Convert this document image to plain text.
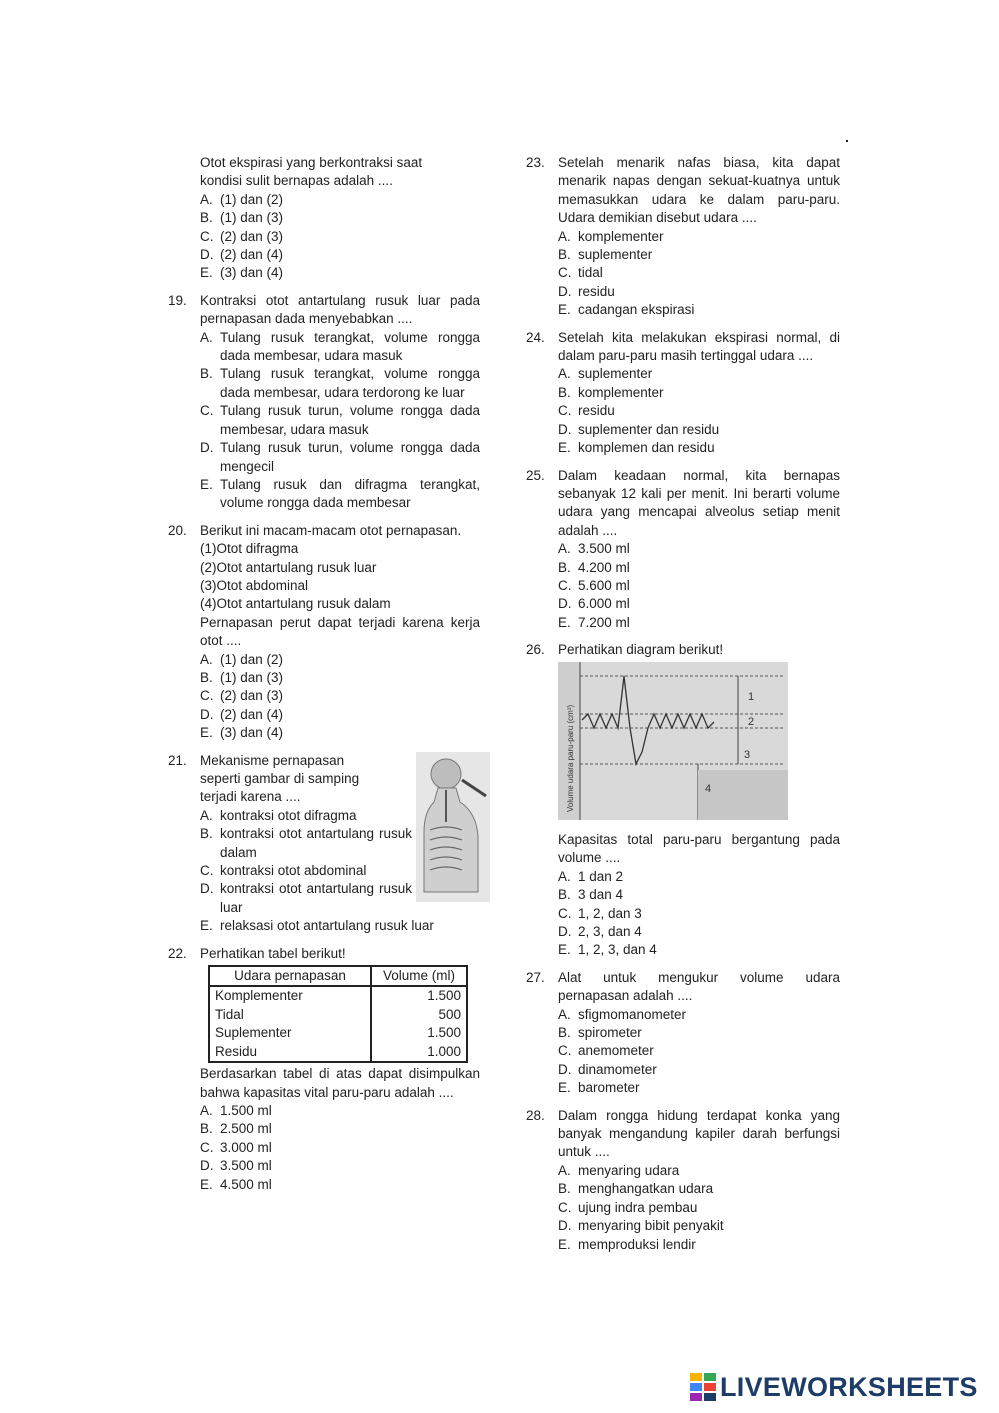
Otot ekspirasi yang berkontraksi saat
kondisi sulit bernapas adalah ....
A. (1) dan (2)
B. (1) dan (3)
C. (2) dan (3)
D. (2) dan (4)
E. (3) dan (4)
19. Kontraksi otot antartulang rusuk luar pada pernapasan dada menyebabkan ....
A. Tulang rusuk terangkat, volume rongga dada membesar, udara masuk
B. Tulang rusuk terangkat, volume rongga dada membesar, udara terdorong ke luar
C. Tulang rusuk turun, volume rongga dada membesar, udara masuk
D. Tulang rusuk turun, volume rongga dada mengecil
E. Tulang rusuk dan difragma terangkat, volume rongga dada membesar
20. Berikut ini macam-macam otot pernapasan.
(1)Otot difragma
(2)Otot antartulang rusuk luar
(3)Otot abdominal
(4)Otot antartulang rusuk dalam
Pernapasan perut dapat terjadi karena kerja otot ....
A. (1) dan (2)
B. (1) dan (3)
C. (2) dan (3)
D. (2) dan (4)
E. (3) dan (4)
21. Mekanisme pernapasan
seperti gambar di samping
terjadi karena ....
A. kontraksi otot difragma
B. kontraksi otot antartulang rusuk dalam
C. kontraksi otot abdominal
D. kontraksi otot antartulang rusuk luar
E. relaksasi otot antartulang rusuk luar
22. Perhatikan tabel berikut!
Udara pernapasan	Volume (ml)
Komplementer	1.500
Tidal	500
Suplementer	1.500
Residu	1.000
Berdasarkan tabel di atas dapat disimpulkan bahwa kapasitas vital paru-paru adalah ....
A. 1.500 ml
B. 2.500 ml
C. 3.000 ml
D. 3.500 ml
E. 4.500 ml
23. Setelah menarik nafas biasa, kita dapat menarik napas dengan sekuat-kuatnya untuk memasukkan udara ke dalam paru-paru. Udara demikian disebut udara ....
A. komplementer
B. suplementer
C. tidal
D. residu
E. cadangan ekspirasi
24. Setelah kita melakukan ekspirasi normal, di dalam paru-paru masih tertinggal udara ....
A. suplementer
B. komplementer
C. residu
D. suplementer dan residu
E. komplemen dan residu
25. Dalam keadaan normal, kita bernapas sebanyak 12 kali per menit. Ini berarti volume udara yang mencapai alveolus setiap menit adalah ....
A. 3.500 ml
B. 4.200 ml
C. 5.600 ml
D. 6.000 ml
E. 7.200 ml
26. Perhatikan diagram berikut!
Volume udara paru-paru (cm³)
1
2
3
4
Kapasitas total paru-paru bergantung pada volume ....
A. 1 dan 2
B. 3 dan 4
C. 1, 2, dan 3
D. 2, 3, dan 4
E. 1, 2, 3, dan 4
27. Alat untuk mengukur volume udara pernapasan adalah ....
A. sfigmomanometer
B. spirometer
C. anemometer
D. dinamometer
E. barometer
28. Dalam rongga hidung terdapat konka yang banyak mengandung kapiler darah berfungsi untuk ....
A. menyaring udara
B. menghangatkan udara
C. ujung indra pembau
D. menyaring bibit penyakit
E. memproduksi lendir
LIVEWORKSHEETS
